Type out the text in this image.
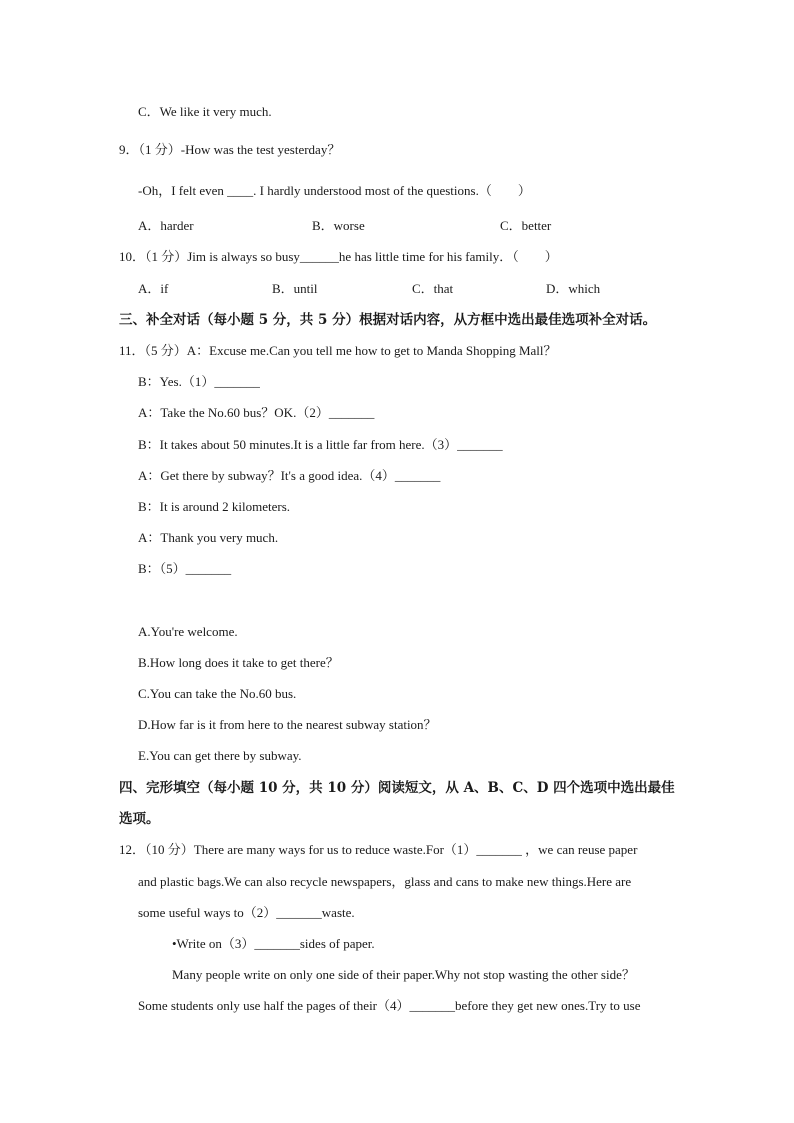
C．We like it very much.
9．（1 分）-How was the test yesterday？
-Oh，I felt even ____. I hardly understood most of the questions.（　　）
A．harder	B．worse	C．better
10．（1 分）Jim is always so busy______he has little time for his family．（　　）
A．if	B．until	C．that	D．which
三、补全对话（每小题 5 分，共 5 分）根据对话内容，从方框中选出最佳选项补全对话。
11．（5 分）A：Excuse me.Can you tell me how to get to Manda Shopping Mall？
B：Yes.（1）_______
A：Take the No.60 bus？OK.（2）_______
B：It takes about 50 minutes.It is a little far from here.（3）_______
A：Get there by subway？It's a good idea.（4）_______
B：It is around 2 kilometers.
A：Thank you very much.
B：（5）_______
A.You're welcome.
B.How long does it take to get there？
C.You can take the No.60 bus.
D.How far is it from here to the nearest subway station？
E.You can get there by subway.
四、完形填空（每小题 10 分，共 10 分）阅读短文，从 A、B、C、D 四个选项中选出最佳
选项。
12．（10 分）There are many ways for us to reduce waste.For（1）_______ ，we can reuse paper
and plastic bags.We can also recycle newspapers，glass and cans to make new things.Here are
some useful ways to（2）_______waste.
•Write on（3）_______sides of paper.
Many people write on only one side of their paper.Why not stop wasting the other side？
Some students only use half the pages of their（4）_______before they get new ones.Try to use
